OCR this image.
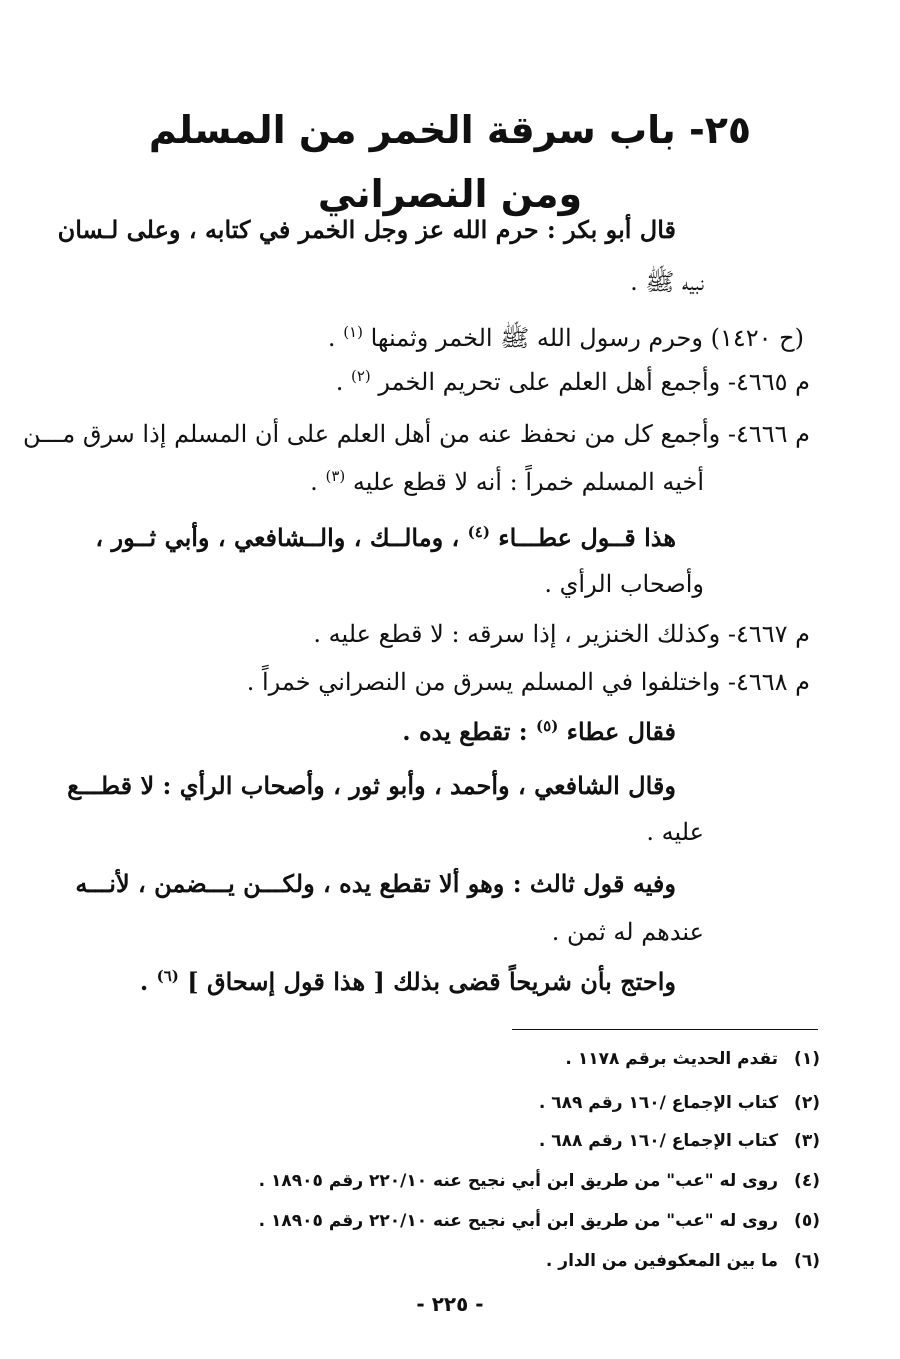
٢٥- باب سرقة الخمر من المسلم ومن النصراني
قال أبو بكر : حرم الله عز وجل الخمر في كتابه ، وعلى لـسان
نبيه ﷺ .
(ح ١٤٢٠) وحرم رسول الله ﷺ الخمر وثمنها $^{(١)}$ .
م ٤٦٦٥- وأجمع أهل العلم على تحريم الخمر $^{(٢)}$ .
م ٤٦٦٦- وأجمع كل من نحفظ عنه من أهل العلم على أن المسلم إذا سرق مـــن
أخيه المسلم خمراً : أنه لا قطع عليه $^{(٣)}$ .
هذا قــول عطـــاء $^{(٤)}$ ، ومالــك ، والــشافعي ، وأبي ثــور ،
وأصحاب الرأي .
م ٤٦٦٧- وكذلك الخنزير ، إذا سرقه : لا قطع عليه .
م ٤٦٦٨- واختلفوا في المسلم يسرق من النصراني خمراً .
فقال عطاء $^{(٥)}$ : تقطع يده .
وقال الشافعي ، وأحمد ، وأبو ثور ، وأصحاب الرأي : لا قطـــع
عليه .
وفيه قول ثالث : وهو ألا تقطع يده ، ولكـــن يـــضمن ، لأنـــه
عندهم له ثمن .
واحتج بأن شريحاً قضى بذلك [ هذا قول إسحاق ] $^{(٦)}$ .
(١) تقدم الحديث برقم ١١٧٨ .
(٢) كتاب الإجماع /١٦٠ رقم ٦٨٩ .
(٣) كتاب الإجماع /١٦٠ رقم ٦٨٨ .
(٤) روى له "عب" من طريق ابن أبي نجيح عنه ٢٢٠/١٠ رقم ١٨٩٠٥ .
(٥) روى له "عب" من طريق ابن أبي نجيح عنه ٢٢٠/١٠ رقم ١٨٩٠٥ .
(٦) ما بين المعكوفين من الدار .
- ٢٢٥ -
